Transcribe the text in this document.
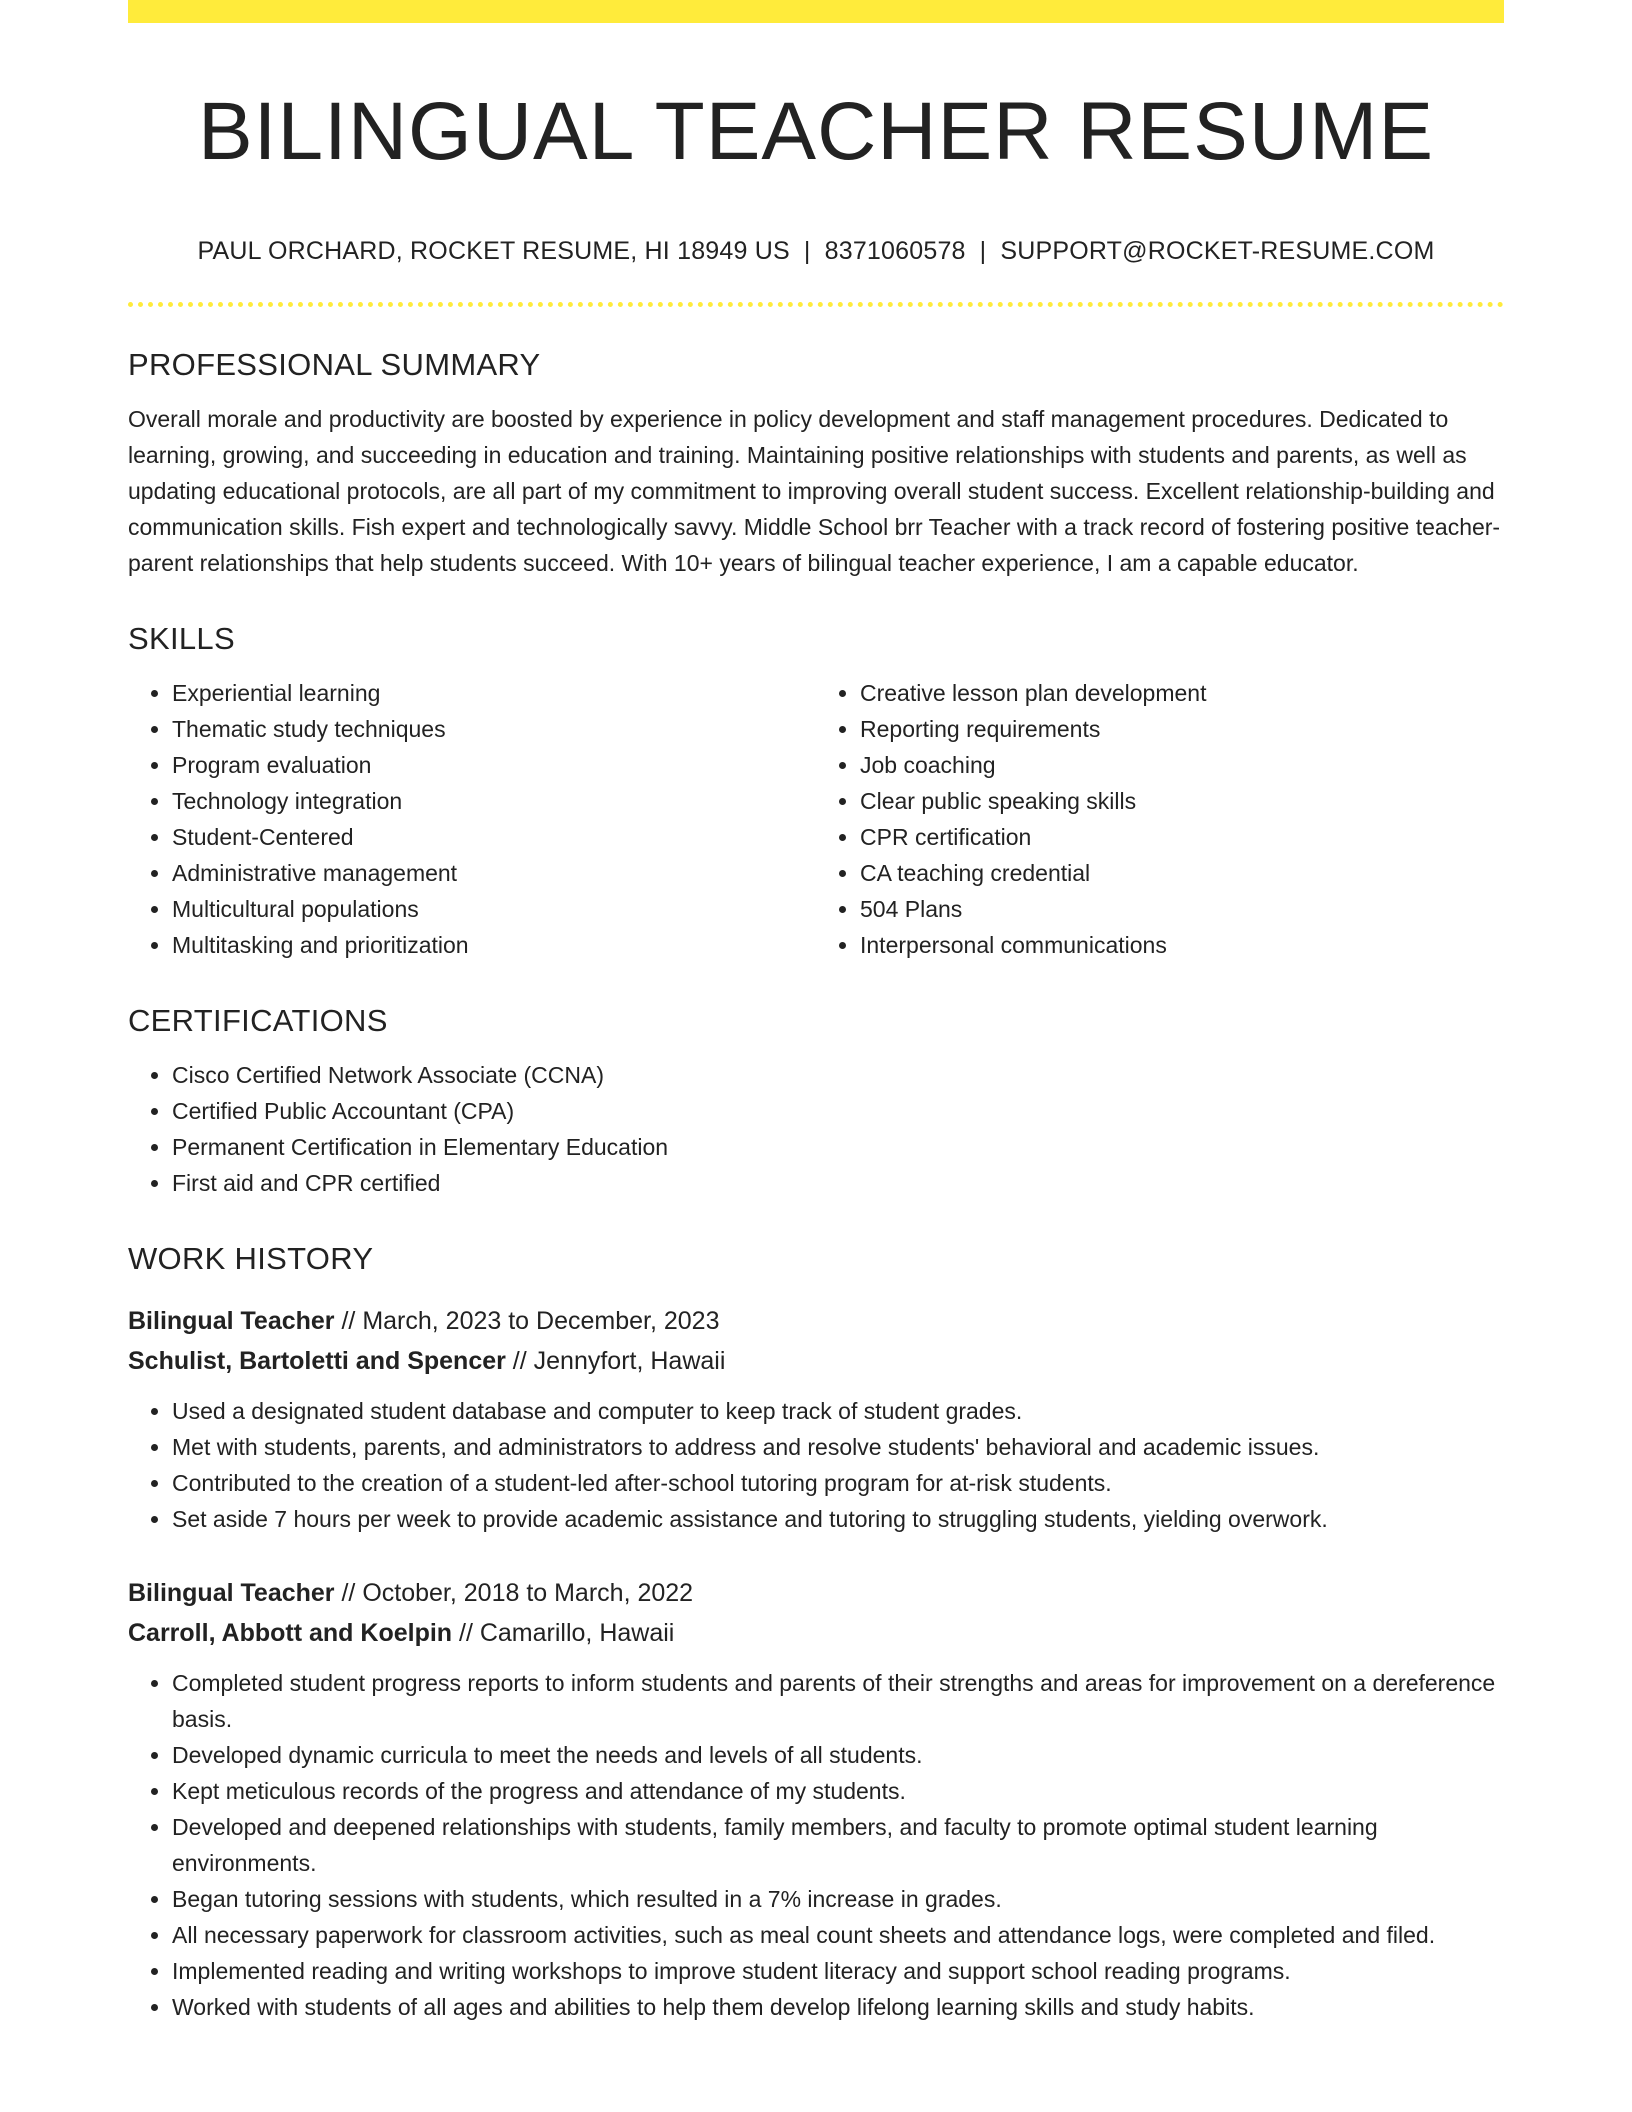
BILINGUAL TEACHER RESUME
PAUL ORCHARD, ROCKET RESUME, HI 18949 US | 8371060578 | SUPPORT@ROCKET-RESUME.COM
PROFESSIONAL SUMMARY

Overall morale and productivity are boosted by experience in policy development and staff management procedures. Dedicated to learning, growing, and succeeding in education and training. Maintaining positive relationships with students and parents, as well as updating educational protocols, are all part of my commitment to improving overall student success. Excellent relationship-building and communication skills. Fish expert and technologically savvy. Middle School brr Teacher with a track record of fostering positive teacher-parent relationships that help students succeed. With 10+ years of bilingual teacher experience, I am a capable educator.

SKILLS
• Experiential learning
• Thematic study techniques
• Program evaluation
• Technology integration
• Student-Centered
• Administrative management
• Multicultural populations
• Multitasking and prioritization
• Creative lesson plan development
• Reporting requirements
• Job coaching
• Clear public speaking skills
• CPR certification
• CA teaching credential
• 504 Plans
• Interpersonal communications
CERTIFICATIONS
• Cisco Certified Network Associate (CCNA)
• Certified Public Accountant (CPA)
• Permanent Certification in Elementary Education
• First aid and CPR certified
WORK HISTORY
Bilingual Teacher // March, 2023 to December, 2023
Schulist, Bartoletti and Spencer // Jennyfort, Hawaii
• Used a designated student database and computer to keep track of student grades.
• Met with students, parents, and administrators to address and resolve students' behavioral and academic issues.
• Contributed to the creation of a student-led after-school tutoring program for at-risk students.
• Set aside 7 hours per week to provide academic assistance and tutoring to struggling students, yielding overwork.
Bilingual Teacher // October, 2018 to March, 2022
Carroll, Abbott and Koelpin // Camarillo, Hawaii
• Completed student progress reports to inform students and parents of their strengths and areas for improvement on a dereference basis.
• Developed dynamic curricula to meet the needs and levels of all students.
• Kept meticulous records of the progress and attendance of my students.
• Developed and deepened relationships with students, family members, and faculty to promote optimal student learning environments.
• Began tutoring sessions with students, which resulted in a 7% increase in grades.
• All necessary paperwork for classroom activities, such as meal count sheets and attendance logs, were completed and filed.
• Implemented reading and writing workshops to improve student literacy and support school reading programs.
• Worked with students of all ages and abilities to help them develop lifelong learning skills and study habits.
